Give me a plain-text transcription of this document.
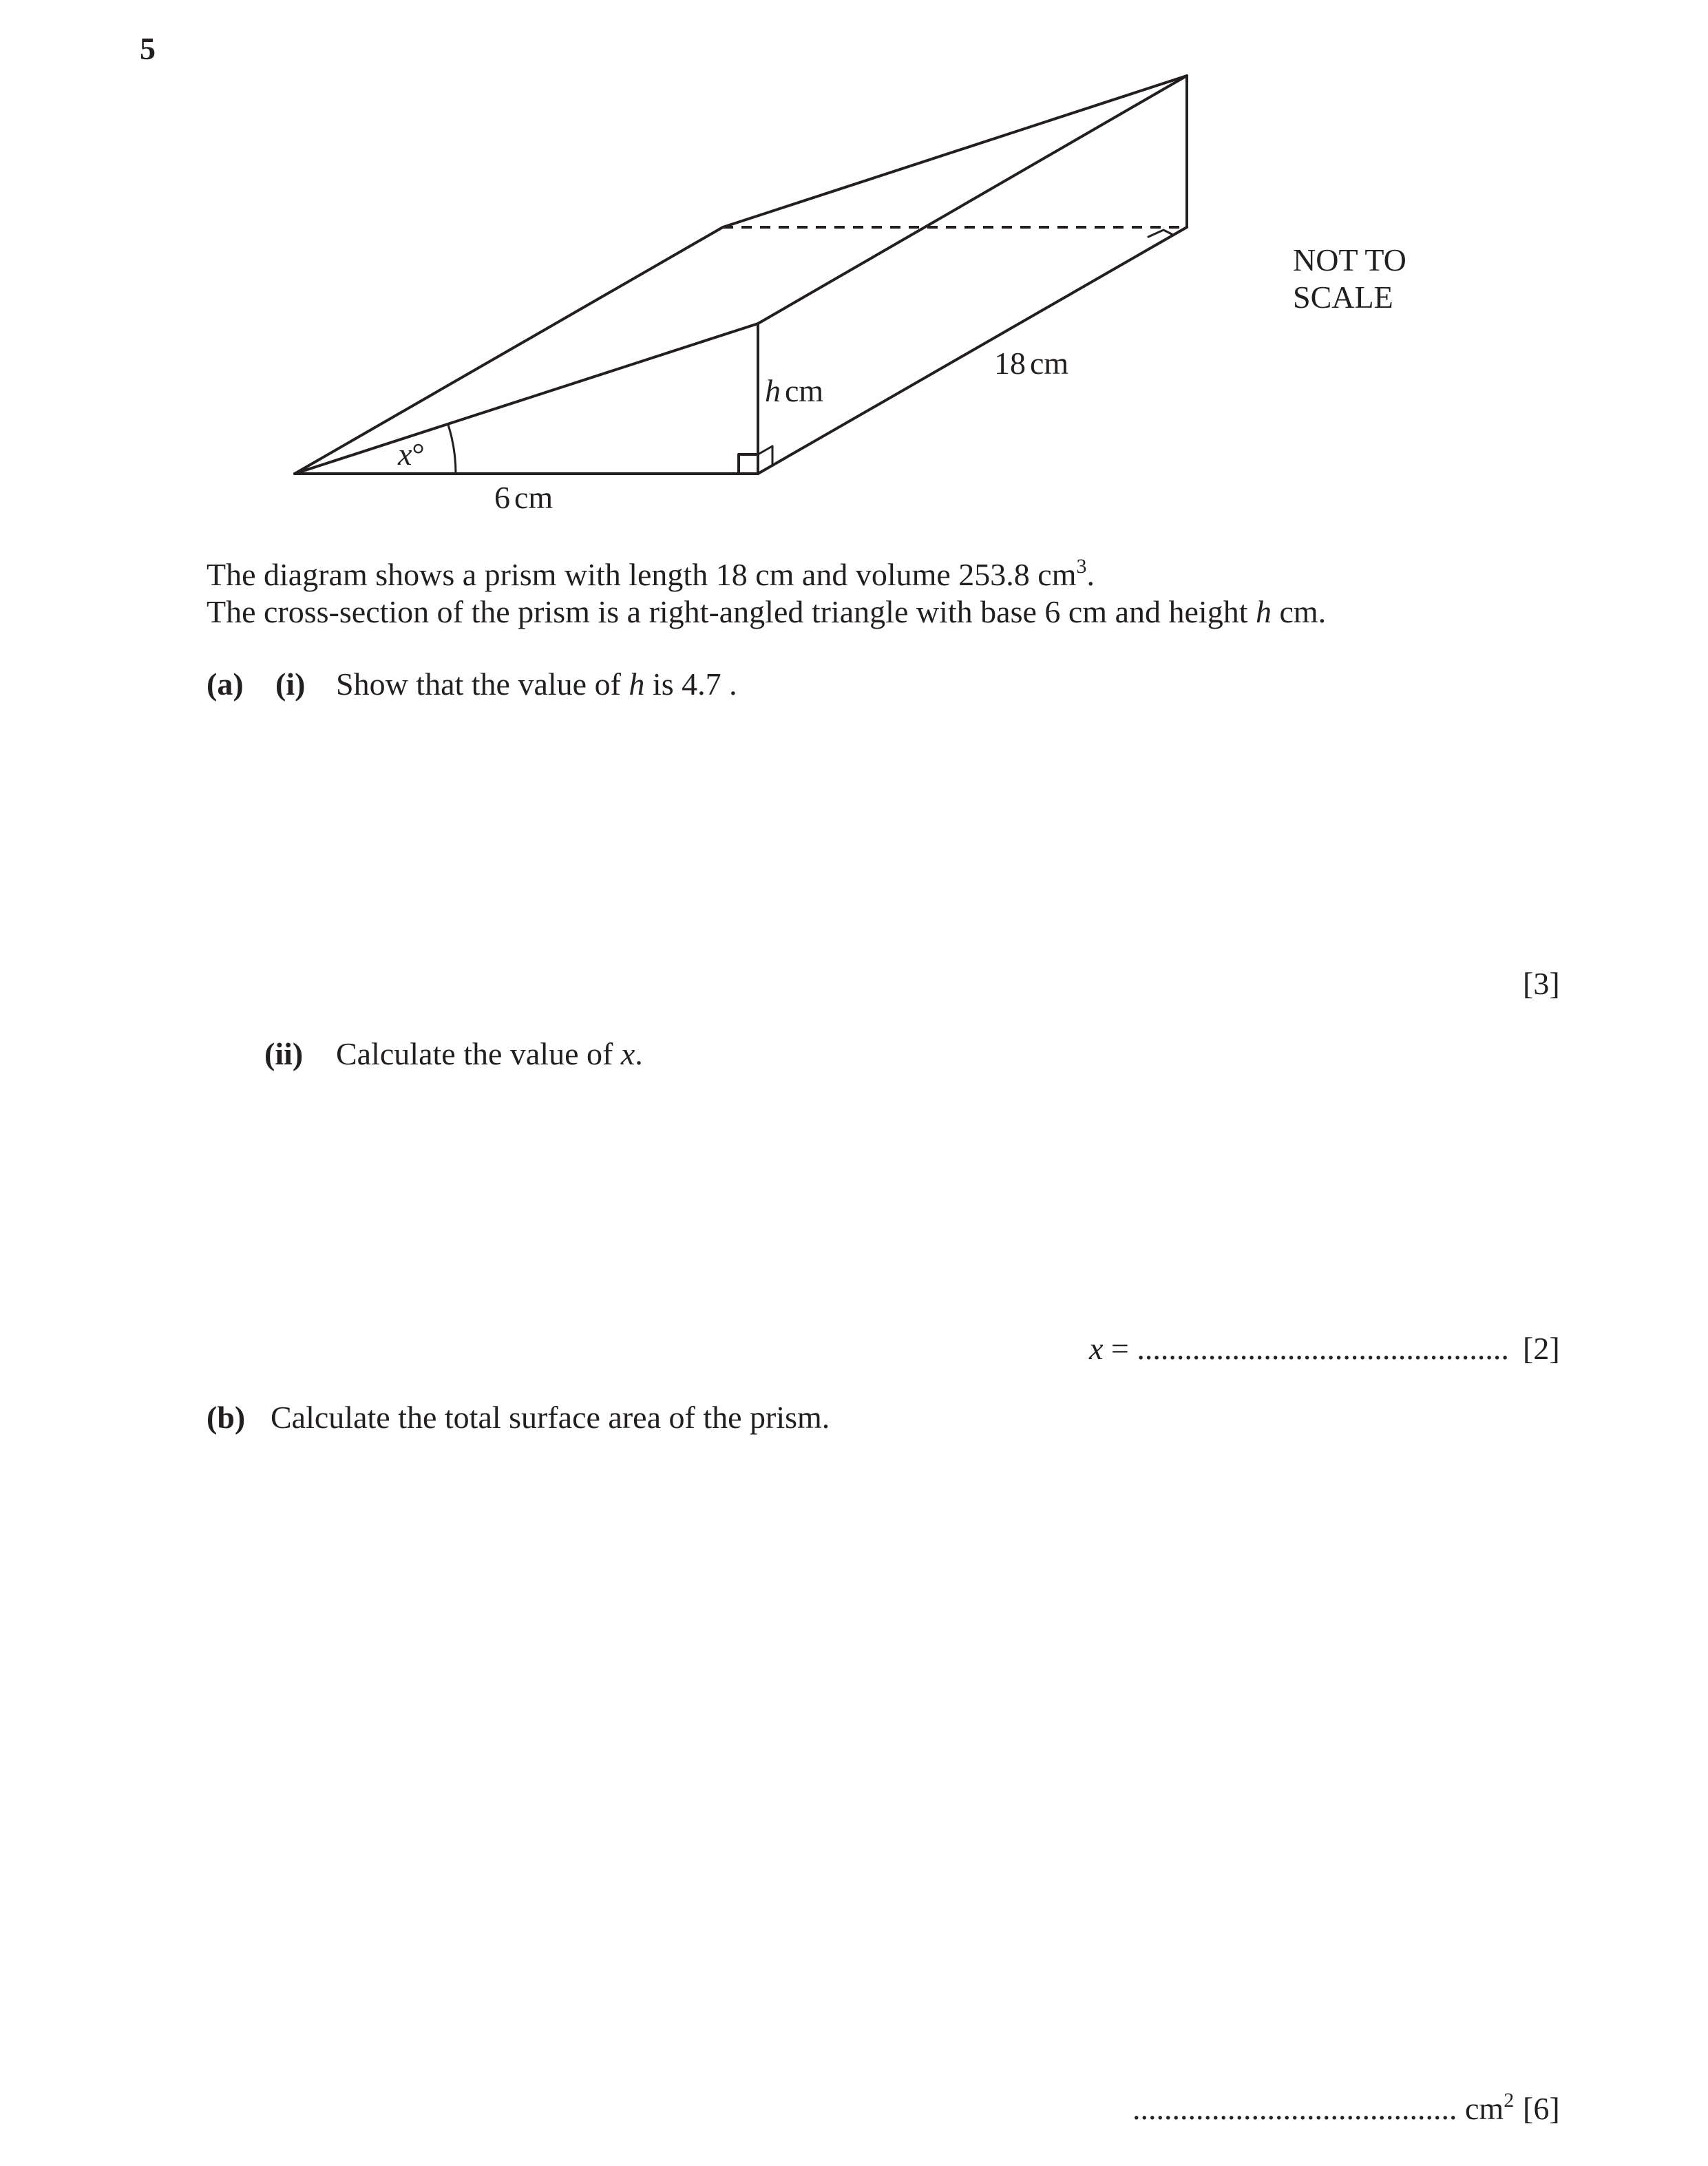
5
18 cm
h cm
x°
6 cm
NOT TO
SCALE
The diagram shows a prism with length 18 cm and volume 253.8 $cm^3$.
The cross-section of the prism is a right-angled triangle with base 6 cm and height h cm.
(a) (i) Show that the value of h is 4.7 .
[3]
(ii) Calculate the value of x.
x = ............................................... [2]
(b) Calculate the total surface area of the prism.
......................................... $cm^2$ [6]
